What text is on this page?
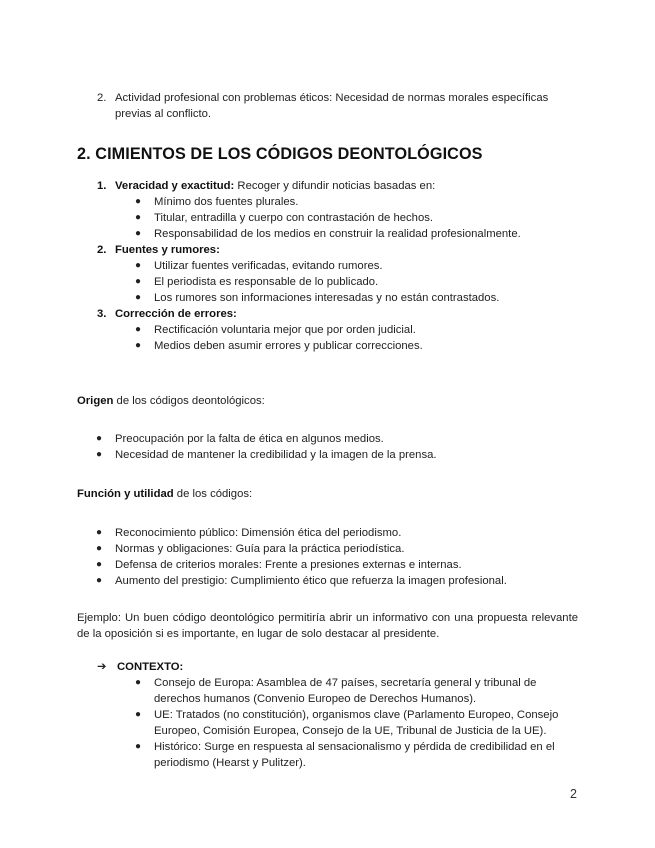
2. Actividad profesional con problemas éticos: Necesidad de normas morales específicas previas al conflicto.
2. CIMIENTOS DE LOS CÓDIGOS DEONTOLÓGICOS
1. Veracidad y exactitud: Recoger y difundir noticias basadas en:
● Mínimo dos fuentes plurales.
● Titular, entradilla y cuerpo con contrastación de hechos.
● Responsabilidad de los medios en construir la realidad profesionalmente.
2. Fuentes y rumores:
● Utilizar fuentes verificadas, evitando rumores.
● El periodista es responsable de lo publicado.
● Los rumores son informaciones interesadas y no están contrastados.
3. Corrección de errores:
● Rectificación voluntaria mejor que por orden judicial.
● Medios deben asumir errores y publicar correcciones.
Origen de los códigos deontológicos:
● Preocupación por la falta de ética en algunos medios.
● Necesidad de mantener la credibilidad y la imagen de la prensa.
Función y utilidad de los códigos:
● Reconocimiento público: Dimensión ética del periodismo.
● Normas y obligaciones: Guía para la práctica periodística.
● Defensa de criterios morales: Frente a presiones externas e internas.
● Aumento del prestigio: Cumplimiento ético que refuerza la imagen profesional.

Ejemplo: Un buen código deontológico permitiría abrir un informativo con una propuesta relevante de la oposición si es importante, en lugar de solo destacar al presidente.

➔ CONTEXTO:
● Consejo de Europa: Asamblea de 47 países, secretaría general y tribunal de derechos humanos (Convenio Europeo de Derechos Humanos).
● UE: Tratados (no constitución), organismos clave (Parlamento Europeo, Consejo Europeo, Comisión Europea, Consejo de la UE, Tribunal de Justicia de la UE).
● Histórico: Surge en respuesta al sensacionalismo y pérdida de credibilidad en el periodismo (Hearst y Pulitzer).
2
